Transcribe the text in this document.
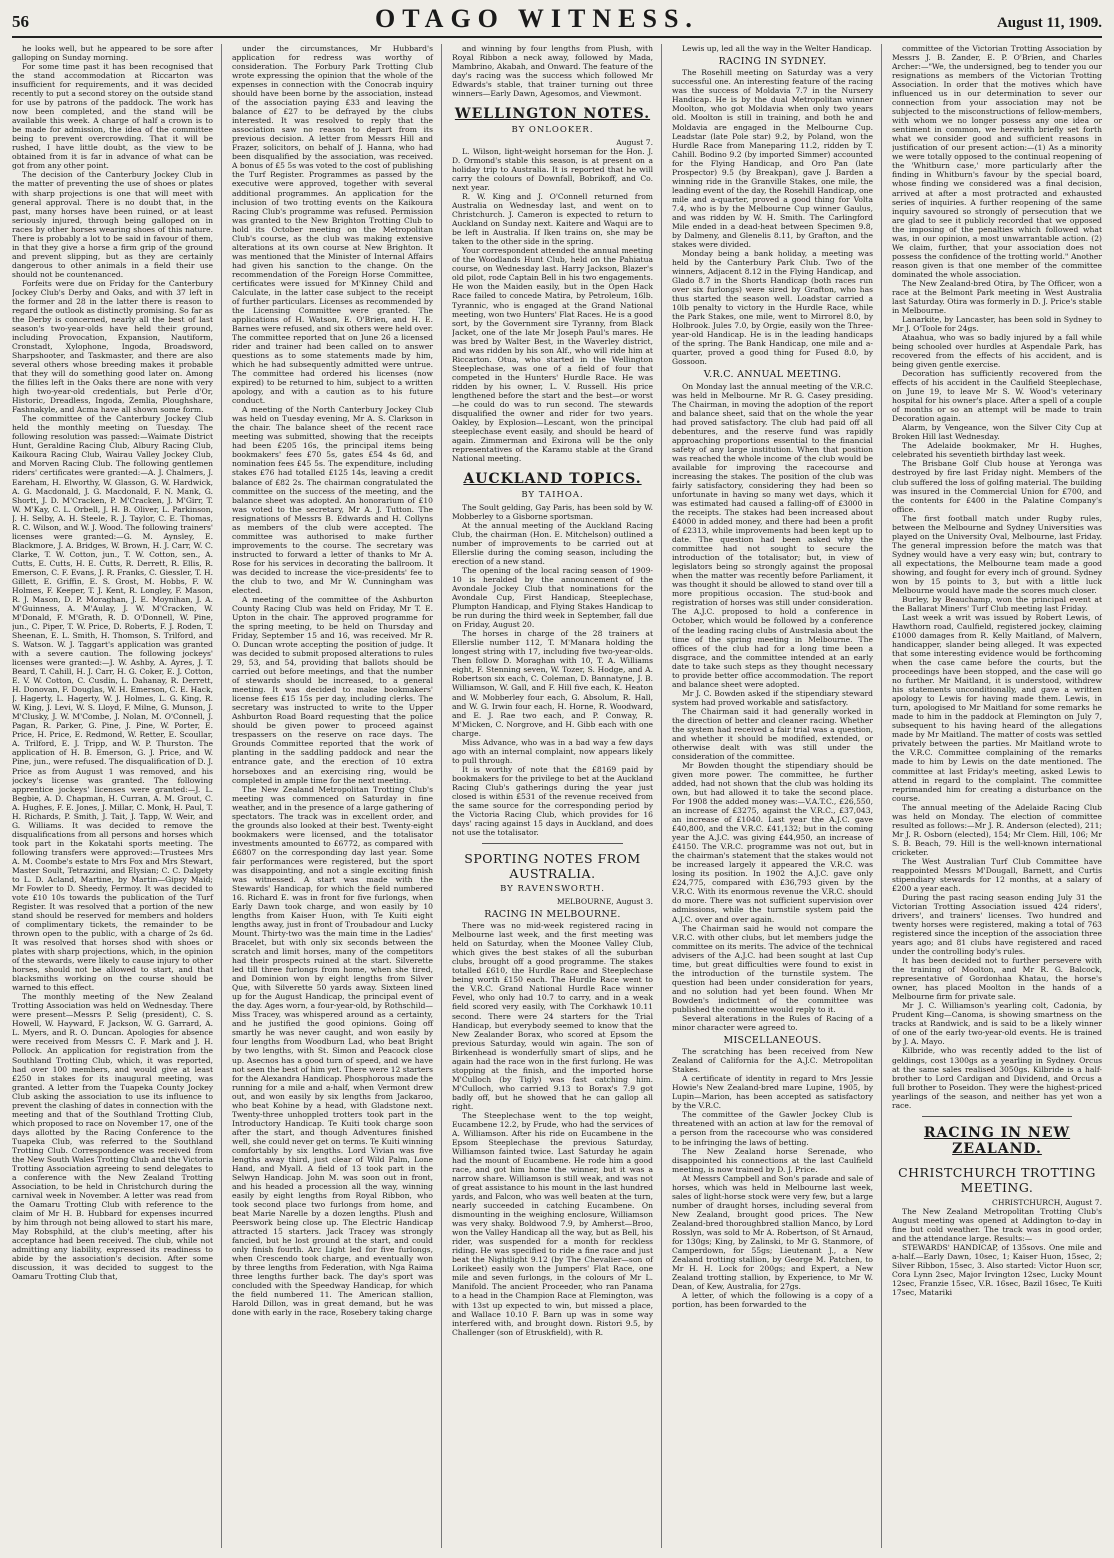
56	OTAGO WITNESS.	August 11, 1909.

he looks well, but he appeared to be sore after galloping on Sunday morning.

For some time past it has been recognised that the stand accommodation at Riccarton was insufficient for requirements, and it was decided recently to put a second storey on the outside stand for use by patrons of the paddock. The work has now been completed, and the stand will be available this week. A charge of half a crown is to be made for admission, the idea of the committee being to prevent overcrowding. That it will be rushed, I have little doubt, as the view to be obtained from it is far in advance of what can be got from any other point.

The decision of the Canterbury Jockey Club in the matter of preventing the use of shoes or plates with sharp projections is one that will meet with general approval. There is no doubt that, in the past, many horses have been ruined, or at least seriously injured, through being galloped on in races by other horses wearing shoes of this nature. There is probably a lot to be said in favour of them, in that they give a horse a firm grip of the ground and prevent slipping, but as they are certainly dangerous to other animals in a field their use should not be countenanced.

Forfeits were due on Friday for the Canterbury Jockey Club's Derby and Oaks, and with 37 left in the former and 28 in the latter there is reason to regard the outlook as distinctly promising. So far as the Derby is concerned, nearly all the best of last season's two-year-olds have held their ground, including Provocation, Expansion, Nautiform, Cronstadt, Xylophone, Ingoda, Broadsword, Sharpshooter, and Taskmaster, and there are also several others whose breeding makes it probable that they will do something good later on. Among the fillies left in the Oaks there are none with very high two-year-old credentials, but Perle d'Or, Historic, Dreadless, Ingoda, Zemlia, Ploughshare, Fashnakyle, and Acma have all shown some form.

The committee of the Canterbury Jockey Club held the monthly meeting on Tuesday. The following resolution was passed:—Waimate District Hunt, Geraldine Racing Club, Albury Racing Club, Kaikoura Racing Club, Wairau Valley Jockey Club, and Morven Racing Club. The following gentlemen riders' certificates were granted:—A. J. Chalmers, J. Eareham, H. Elworthy, W. Glasson, G. W. Hardwick, A. G. Macdonald, J. G. Macdonald, F. N. Mank, G. Shortt, J. D. M'Cracken, P. M'Cracken, J. M'Girr, T. W. M'Kay, C. L. Orbell, J. H. B. Oliver, L. Parkinson, J. H. Selby, A. H. Steele, R. J. Taylor, C. E. Thomas, R. C. Wilson, and W. J. Wood. The following trainers' licenses were granted:—G. M. Aynsley, E. Blackmore, J. A. Bridges, W. Brown, H. J. Carr, W. C. Clarke, T. W. Cotton, jun., T. W. Cotton, sen., A. Cutts, E. Cutts, H. E. Cutts, R. Derrett, R. Ellis, R. Emerson, C. F. Evans, J. R. Franks, C. Giessler, T. H. Gillett, E. Griffin, E. S. Grost, M. Hobbs, F. W. Holmes, F. Keeper, T. J. Kent, R. Longley, F. Mason, R. J. Mason, D. P. Moraghan, J. E. Moynihan, J. A. M'Guinness, A. M'Aulay, J. W. M'Cracken, W. M'Donald, F. M'Grath, R. D. O'Donnell, W. Pine, jun., C. Piper, T. W. Price, D. Roberts, F. J. Roden, T. Sheenan, E. L. Smith, H. Thomson, S. Trilford, and S. Watson. W. J. Taggart's application was granted with a severe caution. The following jockeys' licenses were granted:—J. W. Ashby, A. Ayres, J. T. Beard, T. Cahill, H. J. Carr, H. G. Coker, E. J. Cotton, E. V. W. Cotton, C. Cusdin, L. Dahanay, R. Derrett, H. Donovan, F. Douglas, W. H. Emerson, C. E. Hack, J. Hagerty, L. Hagerty, W. J. Holmes, L. G. King, R. W. King, J. Levi, W. S. Lloyd, F. Milne, G. Munson, J. M'Clusky, J. W. M'Combe, J. Nolan, M. O'Connell, J. Pagan, R. Parker, G. Pine, J. Pine, W. Porter, E. Price, H. Price, E. Redmond, W. Retter, E. Scoullar, A. Trilford, E. J. Tripp, and W. P. Thurston. The application of H. B. Emerson, G. J. Price, and W. Pine, jun., were refused. The disqualification of D. J. Price as from August 1 was removed, and his jockey's license was granted. The following apprentice jockeys' licenses were granted:—J. L. Begbie, A. D. Chapman, H. Curran, A. M. Grout, C. A. Hughes, F. E. Jones, J. Millar, C. Monk, H. Paul, T. H. Richards, P. Smith, J. Tait, J. Tapp, W. Weir, and G. Williams. It was decided to remove the disqualifications from all persons and horses which took part in the Kokatahi sports meeting. The following transfers were approved:—Trustees Mrs A. M. Coombe's estate to Mrs Fox and Mrs Stewart, Master Soult, Tetrazzini, and Elysian; C. C. Dalgety to L. D. Acland, Martine, by Martin—Gipsy Maid; Mr Fowler to D. Sheedy, Fermoy. It was decided to vote £10 10s towards the publication of the Turf Register. It was resolved that a portion of the new stand should be reserved for members and holders of complimentary tickets, the remainder to be thrown open to the public, with a charge of 2s 6d. It was resolved that horses shod with shoes or plates with sharp projections, which, in the opinion of the stewards, were likely to cause injury to other horses, should not be allowed to start, and that blacksmiths working on the course should be warned to this effect.

The monthly meeting of the New Zealand Trotting Association was held on Wednesday. There were present—Messrs P. Selig (president), C. S. Howell, W. Hayward, F. Jackson, W. G. Garrard, A. L. Myers, and R. O. Duncan. Apologies for absence were received from Messrs C. F. Mark and J. H. Pollock. An application for registration from the Southland Trotting Club, which, it was reported, had over 100 members, and would give at least £250 in stakes for its inaugural meeting, was granted. A letter from the Tuapeka County Jockey Club asking the association to use its influence to prevent the clashing of dates in connection with the meeting and that of the Southland Trotting Club, which proposed to race on November 17, one of the days allotted by the Racing Conference to the Tuapeka Club, was referred to the Southland Trotting Club. Correspondence was received from the New South Wales Trotting Club and the Victoria Trotting Association agreeing to send delegates to a conference with the New Zealand Trotting Association, to be held in Christchurch during the carnival week in November. A letter was read from the Oamaru Trotting Club with reference to the claim of Mr H. B. Hubbard for expenses incurred by him through not being allowed to start his mare, May Robsphild, at the club's meeting, after his acceptance had been received. The club, while not admitting any liability, expressed its readiness to abide by the association's decision. After some discussion, it was decided to suggest to the Oamaru Trotting Club that,

under the circumstances, Mr Hubbard's application for redress was worthy of consideration. The Forbury Park Trotting Club wrote expressing the opinion that the whole of the expenses in connection with the Conocrab inquiry should have been borne by the association, instead of the association paying £33 and leaving the balance of £27 to be defrayed by the clubs interested. It was resolved to reply that the association saw no reason to depart from its previous decision. A letter from Messrs Hill and Frazer, solicitors, on behalf of J. Hanna, who had been disqualified by the association, was received. A bonus of £5 5s was voted to the cost of publishing the Turf Register. Programmes as passed by the executive were approved, together with several additional programmes. An application for the inclusion of two trotting events on the Kaikoura Racing Club's programme was refused. Permission was granted to the New Brighton Trotting Club to hold its October meeting on the Metropolitan Club's course, as the club was making extensive alterations at its own course at New Brighton. It was mentioned that the Minister of Internal Affairs had given his sanction to the change. On the recommendation of the Foreign Horse Committee, certificates were issued for M'Kinney Child and Calculate, in the latter case subject to the receipt of further particulars. Licenses as recommended by the Licensing Committee were granted. The applications of H. Watson, E. O'Brien, and H. E. Barnes were refused, and six others were held over. The committee reported that on June 26 a licensed rider and trainer had been called on to answer questions as to some statements made by him, which he had subsequently admitted were untrue. The committee had ordered his licenses (now expired) to be returned to him, subject to a written apology, and with a caution as to his future conduct.

A meeting of the North Canterbury Jockey Club was held on Tuesday evening, Mr A. S. Clarkson in the chair. The balance sheet of the recent race meeting was submitted, showing that the receipts had been £205 16s, the principal items being bookmakers' fees £70 5s, gates £54 4s 6d, and nomination fees £45 5s. The expenditure, including stakes £76 had totalled £125 14s, leaving a credit balance of £82 2s. The chairman congratulated the committee on the success of the meeting, and the balance sheet was adopted. An honorarium of £10 was voted to the secretary, Mr A. J. Tutton. The resignations of Messrs B. Edwards and H. Collyns as members of the club were accepted. The committee was authorised to make further improvements to the course. The secretary was instructed to forward a letter of thanks to Mr A. Rose for his services in decorating the ballroom. It was decided to increase the vice-presidents' fee to the club to two, and Mr W. Cunningham was elected.

A meeting of the committee of the Ashburton County Racing Club was held on Friday, Mr T. E. Upton in the chair. The approved programme for the spring meeting, to be held on Thursday and Friday, September 15 and 16, was received. Mr R. O. Duncan wrote accepting the position of judge. It was decided to submit proposed alterations to rules 29, 53, and 54, providing that ballots should be carried out before meetings, and that the number of stewards should be increased, to a general meeting. It was decided to make bookmakers' license fees £15 15s per day, including clerks. The secretary was instructed to write to the Upper Ashburton Road Board requesting that the police should be given power to proceed against trespassers on the reserve on race days. The Grounds Committee reported that the work of planting in the saddling paddock and near the entrance gate, and the erection of 10 extra horseboxes and an exercising ring, would be completed in ample time for the next meeting.

The New Zealand Metropolitan Trotting Club's meeting was commenced on Saturday in fine weather, and in the presence of a large gathering of spectators. The track was in excellent order, and the grounds also looked at their best. Twenty-eight bookmakers were licensed, and the totalisator investments amounted to £6772, as compared with £6807 on the corresponding day last year. Some fair performances were registered, but the sport was disappointing, and not a single exciting finish was witnessed. A start was made with the Stewards' Handicap, for which the field numbered 16. Richard E. was in front for five furlongs, when Early Dawn took charge, and won easily by 10 lengths from Kaiser Huon, with Te Kuiti eight lengths away, just in front of Troubadour and Lucky Mount. Thirty-two was the main time in the Ladies' Bracelet, but with only six seconds between the scratch and limit horses, many of the competitors had their prospects ruined at the start. Silverette led till three furlongs from home, when she tired, and Dominion won by eight lengths from Silver Que, with Silverette 50 yards away. Sixteen lined up for the August Handicap, the principal event of the day. Ages worn, a four-year-old, by Rothschild—Miss Tracey, was whispered around as a certainty, and he justified the good opinions. Going off smartly he was never caught, and won easily by four lengths from Woodburn Lad, who beat Bright by two lengths, with St. Simon and Peacock close up. Asecnos has a good turn of speed, and we have not seen the best of him yet. There were 12 starters for the Alexandra Handicap. Phosphorous made the running for a mile and a-half, when Vermont drew out, and won easily by six lengths from Jackaroo, who beat Kohine by a head, with Gladstone next. Twenty-three unhoppled trotters took part in the Introductory Handicap. Te Kuiti took charge soon after the start, and though Adventures finished well, she could never get on terms. Te Kuiti winning comfortably by six lengths. Lord Vivian was five lengths away third, just clear of Wild Palm, Lone Hand, and Myall. A field of 13 took part in the Selwyn Handicap. John M. was soon out in front, and his headed a procession all the way, winning easily by eight lengths from Royal Ribbon, who took second place two furlongs from home, and beat Marie Narelle by a dozen lengths. Plush and Peerswork being close up. The Electric Handicap attracted 15 starters. Jack Tracey was strongly fancied, but he lost ground at the start, and could only finish fourth. Arc Light led for five furlongs, when Crescendo took charge, and eventually won by three lengths from Federation, with Nga Raima three lengths further back. The day's sport was concluded with the Speedway Handicap, for which the field numbered 11. The American stallion, Harold Dillon, was in great demand, but he was done with early in the race, Rosebery taking charge

and winning by four lengths from Plush, with Royal Ribbon a neck away, followed by Mada, Mambrino, Akabah, and Onward. The feature of the day's racing was the success which followed Mr Edwards's stable, that trainer turning out three winners—Early Dawn, Agesomos, and Viewmont.

WELLINGTON NOTES.
BY ONLOOKER.
August 7.

L. Wilson, light-weight horseman for the Hon. J. D. Ormond's stable this season, is at present on a holiday trip to Australia. It is reported that he will carry the colours of Downfall, Bobrikoff, and Co. next year.

R. W. King and J. O'Connell returned from Australia on Wednesday last, and went on to Christchurch. J. Cameron is expected to return to Auckland on Sunday next. Kaitere and Waqui are to be left in Australia. If Iken trains on, she may be taken to the other side in the spring.

Your correspondent attended the annual meeting of the Woodlands Hunt Club, held on the Pahiatua course, on Wednesday last. Harry Jackson, Blazer's old pilot, rode Captain Bell in his two engagements. He won the Maiden easily, but in the Open Hack Race failed to concede Matira, by Petroleum, 16lb. Tyrannic, who is engaged at the Grand National meeting, won two Hunters' Flat Races. He is a good sort, by the Government sire Tyranny, from Black Jacket, one of the late Mr Joseph Paul's mares. He was bred by Walter Best, in the Waverley district, and was ridden by his son Alf., who will ride him at Riccarton. Otua, who started in the Wellington Steeplechase, was one of a field of four that competed in the Hunters' Hurdle Race. He was ridden by his owner, L. V. Russell. His price lengthened before the start and the best—or worst—he could do was to run second. The stewards disqualified the owner and rider for two years. Oakley, by Explosion—Lescant, won the principal steeplechase event easily, and should be heard of again. Zimmerman and Exirona will be the only representatives of the Karamu stable at the Grand National meeting.

AUCKLAND TOPICS.
BY TAIHOA.

The Soult gelding, Gay Paris, has been sold by W. Mobberley to a Gisborne sportsman.

At the annual meeting of the Auckland Racing Club, the chairman (Hon. E. Mitchelson) outlined a number of improvements to be carried out at Ellerslie during the coming season, including the erection of a new stand.

The opening of the local racing season of 1909-10 is heralded by the announcement of the Avondale Jockey Club that nominations for the Avondale Cup, First Handicap, Steeplechase, Plumpton Handicap, and Flying Stakes Handicap to be run during the third week in September, fall due on Friday, August 20.

The horses in charge of the 28 trainers at Ellerslie number 112, T. M'Manara holding the longest string with 17, including five two-year-olds. Then follow D. Moraghan with 10, T. A. Williams eight, F. Stenning seven, W. Tozer, S. Hodge, and A. Robertson six each, C. Coleman, D. Bannatyne, J. B. Williamson, W. Gall, and F. Hill five each, K. Heaton and W. Mobberley four each, G. Absolum, R. Hall, and W. G. Irwin four each, H. Horne, R. Woodward, and E. J. Rae two each, and P. Conway, R. M'Micken, C. Norgrove, and H. Gibb each with one charge.

Miss Advance, who was in a bad way a few days ago with an internal complaint, now appears likely to pull through.

It is worthy of note that the £8169 paid by bookmakers for the privilege to bet at the Auckland Racing Club's gatherings during the year just closed is within £531 of the revenue received from the same source for the corresponding period by the Victoria Racing Club, which provides for 16 days' racing against 15 days in Auckland, and does not use the totalisator.

SPORTING NOTES FROM AUSTRALIA.
BY RAVENSWORTH.
MELBOURNE, August 3.
RACING IN MELBOURNE.

There was no mid-week registered racing in Melbourne last week, and the first meeting was held on Saturday, when the Moonee Valley Club, which gives the best stakes of all the suburban clubs, brought off a good programme. The stakes totalled £610, the Hurdle Race and Steeplechase being worth £150 each. The Hurdle Race went to the V.R.C. Grand National Hurdle Race winner Fevel, who only had 10.7 to carry, and in a weak field scored very easily, with The Corkhawk 10.11 second. There were 24 starters for the Trial Handicap, but everybody seemed to know that the New Zealander Borax, who scored at Epsom the previous Saturday, would win again. The son of Birkenhead is wonderfully smart of slips, and he again had the race won in the first furlong. He was stopping at the finish, and the imported horse M'Culloch (by Tigly) was fast catching him. M'Culloch, who carried 9.13 to Borax's 7.9 got badly off, but he showed that he can gallop all right.

The Steeplechase went to the top weight, Eucambene 12.2, by Frude, who had the services of A. Williamson. After his ride on Eucambene in the Epsom Steeplechase the previous Saturday, Williamson fainted twice. Last Saturday he again had the mount of Eucambene. He rode him a good race, and got him home the winner, but it was a narrow share. Williamson is still weak, and was not of great assistance to his mount in the last hundred yards, and Falcon, who was well beaten at the turn, nearly succeeded in catching Eucambene. On dismounting in the weighing enclosure, Williamson was very shaky. Boldwood 7.9, by Amherst—Broo, won the Valley Handicap all the way, but as Bell, his rider, was suspended for a month for reckless riding. He was specified to ride a fine race and just beat the Nightlight 9.12 (by The Chevalier—son of Lorikeet) easily won the Jumpers' Flat Race, one mile and seven furlongs, in the colours of Mr L. Manifold. The ancient Proceeder, who ran Panama to a head in the Champion Race at Flemington, was with 13st up expected to win, but missed a place, and Wallace 10.10 F. Barn up was in some way interfered with, and brought down. Ristori 9.5, by Challenger (son of Etruskfield), with R.

Lewis up, led all the way in the Welter Handicap.

RACING IN SYDNEY.

The Rosehill meeting on Saturday was a very successful one. An interesting feature of the racing was the success of Moldavia 7.7 in the Nursery Handicap. He is by the dual Metropolitan winner Moolton, who got Moldavia when only two years old. Moolton is still in training, and both he and Moldavia are engaged in the Melbourne Cup. Leadstar (late Pole star) 9.2, by Poland, won the Hurdle Race from Maneparing 11.2, ridden by T. Cahill. Bodino 9.2 (by imported Simmer) accounted for the Flying Handicap, and Oro Pan (late Prospector) 9.5 (by Breakpan), gave J. Barden a winning ride in the Granville Stakes, one mile, the leading event of the day, the Rosehill Handicap, one mile and a-quarter, proved a good thing for Volta 7.4, who is by the Melbourne Cup winner Gaulus, and was ridden by W. H. Smith. The Carlingford Mile ended in a dead-heat between Specimen 9.8, by Dalmeny, and Glenelis 8.11, by Grafton, and the stakes were divided.

Monday being a bank holiday, a meeting was held by the Canterbury Park Club. Two of the winners, Adjacent 8.12 in the Flying Handicap, and Glado 8.7 in the Shorts Handicap (both races run over six furlongs) were sired by Grafton, who has thus started the season well. Loadstar carried a 10lb penalty to victory in the Hurdle Race, while the Park Stakes, one mile, went to Mirrorel 8.0, by Holbrook. Jules 7.0, by Orgie, easily won the Three-year-old Handicap. He is in the leading handicaps of the spring. The Bank Handicap, one mile and a-quarter, proved a good thing for Fused 8.0, by Gossoon.

V.R.C. ANNUAL MEETING.

On Monday last the annual meeting of the V.R.C. was held in Melbourne. Mr R. G. Casey presiding. The Chairman, in moving the adoption of the report and balance sheet, said that on the whole the year had proved satisfactory. The club had paid off all debentures, and the reserve fund was rapidly approaching proportions essential to the financial safety of any large institution. When that position was reached the whole income of the club would be available for improving the racecourse and increasing the stakes. The position of the club was fairly satisfactory, considering they had been so unfortunate in having so many wet days, which it was estimated had caused a falling-off of £3000 in the receipts. The stakes had been increased about £4000 in added money, and there had been a profit of £2313, while improvements had been kept up to date. The question had been asked why the committee had not sought to secure the introduction of the totalisator; but, in view of legislators being so strongly against the proposal when the matter was recently before Parliament, it was thought it should be allowed to stand over till a more propitious occasion. The stud-book and registration of horses was still under consideration. The A.J.C. proposed to hold a conference in October, which would be followed by a conference of the leading racing clubs of Australasia about the time of the spring meeting in Melbourne. The offices of the club had for a long time been a disgrace, and the committee intended at an early date to take such steps as they thought necessary to provide better office accommodation. The report and balance sheet were adopted.

Mr J. C. Bowden asked if the stipendiary steward system had proved workable and satisfactory.

The Chairman said it had generally worked in the direction of better and cleaner racing. Whether the system had received a fair trial was a question, and whether it should be modified, extended, or otherwise dealt with was still under the consideration of the committee.

Mr Bowden thought the stipendiary should be given more power. The committee, he further added, had not shown that the club was holding its own, but had allowed it to take the second place. For 1908 the added money was:—V.A.T.C., £26,550, an increase of £3275, against the V.R.C., £37,043, an increase of £1040. Last year the A.J.C. gave £40,800, and the V.R.C. £41,132; but in the coming year the A.J.C. was giving £44,950, an increase of £4150. The V.R.C. programme was not out, but in the chairman's statement that the stakes would not be increased largely it appeared the V.R.C. was losing its position. In 1902 the A.J.C. gave only £24,775, compared with £36,793 given by the V.R.C. With its enormous revenue the V.R.C. should do more. There was not sufficient supervision over admissions, while the turnstile system paid the A.J.C. over and over again.

The Chairman said he would not compare the V.R.C. with other clubs, but let members judge the committee on its merits. The advice of the technical advisers of the A.J.C. had been sought at last Cup time, but great difficulties were found to exist in the introduction of the turnstile system. The question had been under consideration for years, and no solution had yet been found. When Mr Bowden's indictment of the committee was published the committee would reply to it.

Several alterations in the Rules of Racing of a minor character were agreed to.

MISCELLANEOUS.

The scratching has been received from New Zealand of California for the A.J.C. Metropolitan Stakes.

A certificate of identity in regard to Mrs Jessie Howie's New Zealand-bred mare Lupine, 1905, by Lupin—Marion, has been accepted as satisfactory by the V.R.C.

The committee of the Gawler Jockey Club is threatened with an action at law for the removal of a person from the racecourse who was considered to be infringing the laws of betting.

The New Zealand horse Serenade, who disappointed his connections at the last Caulfield meeting, is now trained by D. J. Price.

At Messrs Campbell and Son's parade and sale of horses, which was held in Melbourne last week, sales of light-horse stock were very few, but a large number of draught horses, including several from New Zealand, brought good prices. The New Zealand-bred thoroughbred stallion Manco, by Lord Rosslyn, was sold to Mr A. Robertson, of St Arnaud, for 130gs; King, by Zalinski, to Mr G. Stanmore, of Camperdown, for 55gs; Lieutenant J., a New Zealand trotting stallion, by George M. Patchen, to Mr H. H. Lock for 200gs; and Expert, a New Zealand trotting stallion, by Experience, to Mr W. Dean, of Kew, Australia, for 27gs.

A letter, of which the following is a copy of a portion, has been forwarded to the

committee of the Victorian Trotting Association by Messrs J. B. Zander, E. P. O'Brien, and Charles Archer:—"We, the undersigned, beg to tender you our resignations as members of the Victorian Trotting Association. In order that the motives which have influenced us in our determination to sever our connection from your association may not be subjected to the misconstructions of fellow-members, with whom we no longer possess any one idea or sentiment in common, we herewith briefly set forth what we consider good and sufficient reasons in justification of our present action:—(1) As a minority we were totally opposed to the continual reopening of the 'Whitburn case,' more particularly after the finding in Whitburn's favour by the special board, whose finding we considered was a final decision, arrived at after a most protracted and exhausted series of inquiries. A further reopening of the same inquiry savoured so strongly of persecution that we are glad to see it publicly recorded that we opposed the imposing of the penalties which followed what was, in our opinion, a most unwarrantable action. (2) We claim, further, that your association does not possess the confidence of the trotting world." Another reason given is that one member of the committee dominated the whole association.

The New Zealand-bred Otira, by The Officer, won a race at the Belmont Park meeting in West Australia last Saturday. Otira was formerly in D. J. Price's stable in Melbourne.

Lanarkite, by Lancaster, has been sold in Sydney to Mr J. O'Toole for 24gs.

Ataahua, who was so badly injured by a fall while being schooled over hurdles at Aspendale Park, has recovered from the effects of his accident, and is being given gentle exercise.

Decoration has sufficiently recovered from the effects of his accident in the Caulfield Steeplechase, on June 19, to leave Mr S. W. Wood's veterinary hospital for his owner's place. After a spell of a couple of months or so an attempt will be made to train Decoration again.

Alarm, by Vengeance, won the Silver City Cup at Broken Hill last Wednesday.

The Adelaide bookmaker, Mr H. Hughes, celebrated his seventieth birthday last week.

The Brisbane Golf Club house at Yeronga was destroyed by fire last Friday night. Members of the club suffered the loss of golfing material. The building was insured in the Commercial Union for £700, and the contents for £400 in the Palatine Company's office.

The first football match under Rugby rules, between the Melbourne and Sydney Universities was played on the University Oval, Melbourne, last Friday. The general impression before the match was that Sydney would have a very easy win; but, contrary to all expectations, the Melbourne team made a good showing, and fought for every inch of ground. Sydney won by 15 points to 3, but with a little luck Melbourne would have made the scores much closer.

Burley, by Beauchamp, won the principal event at the Ballarat Miners' Turf Club meeting last Friday.

Last week a writ was issued by Robert Lewis, of Hawthorn road, Caulfield, registered jockey, claiming £1000 damages from R. Kelly Maitland, of Malvern, handicapper, slander being alleged. It was expected that some interesting evidence would be forthcoming when the case came before the courts, but the proceedings have been stopped, and the case will go no further. Mr Maitland, it is understood, withdrew his statements unconditionally, and gave a written apology to Lewis for having made them. Lewis, in turn, apologised to Mr Maitland for some remarks he made to him in the paddock at Flemington on July 7, subsequent to his having heard of the allegations made by Mr Maitland. The matter of costs was settled privately between the parties. Mr Maitland wrote to the V.R.C. Committee complaining of the remarks made to him by Lewis on the date mentioned. The committee at last Friday's meeting, asked Lewis to attend in regard to the complaint. The committee reprimanded him for creating a disturbance on the course.

The annual meeting of the Adelaide Racing Club was held on Monday. The election of committee resulted as follows:—Mr J. R. Anderson (elected), 211; Mr J. R. Osborn (elected), 154; Mr Clem. Hill, 106; Mr S. B. Beach, 79. Hill is the well-known international cricketer.

The West Australian Turf Club Committee have reappointed Messrs M'Dougall, Barnett, and Curtis stipendiary stewards for 12 months, at a salary of £200 a year each.

During the past racing season ending July 31 the Victorian Trotting Association issued 424 riders', drivers', and trainers' licenses. Two hundred and twenty horses were registered, making a total of 763 registered since the inception of the association three years ago; and 81 clubs have registered and raced under the controlling body's rules.

It has been decided not to further persevere with the training of Moolton, and Mr R. G. Balcock, representative of Gordonhaa Khatau, the horse's owner, has placed Moolton in the hands of a Melbourne firm for private sale.

Mr J. C. Williamson's yearling colt, Cadonia, by Prudent King—Canoma, is showing smartness on the tracks at Randwick, and is said to be a likely winner of one of the early two-year-old events. He is trained by J. A. Mayo.

Kilbride, who was recently added to the list of geldings, cost 1300gs as a yearling in Sydney. Orcus at the same sales realised 3050gs. Kilbride is a half-brother to Lord Cardigan and Dividend, and Orcus a full brother to Poseidon. They were the highest-priced yearlings of the season, and neither has yet won a race.

RACING IN NEW ZEALAND.
CHRISTCHURCH TROTTING MEETING.
CHRISTCHURCH, August 7.

The New Zealand Metropolitan Trotting Club's August meeting was opened at Addington to-day in fine but cold weather. The track was in good order, and the attendance large. Results:—

STEWARDS' HANDICAP, of 135sovs. One mile and a-half.—Early Dawn, 10sec, 1; Kaiser Huon, 15sec, 2; Silver Ribbon, 15sec, 3. Also started: Victor Huon scr, Cora Lynn 2sec, Major Irvington 12sec, Lucky Mount 12sec, Franzie 15sec, V.R. 16sec, Bazil 16sec, Te Kuiti 17sec, Matariki
